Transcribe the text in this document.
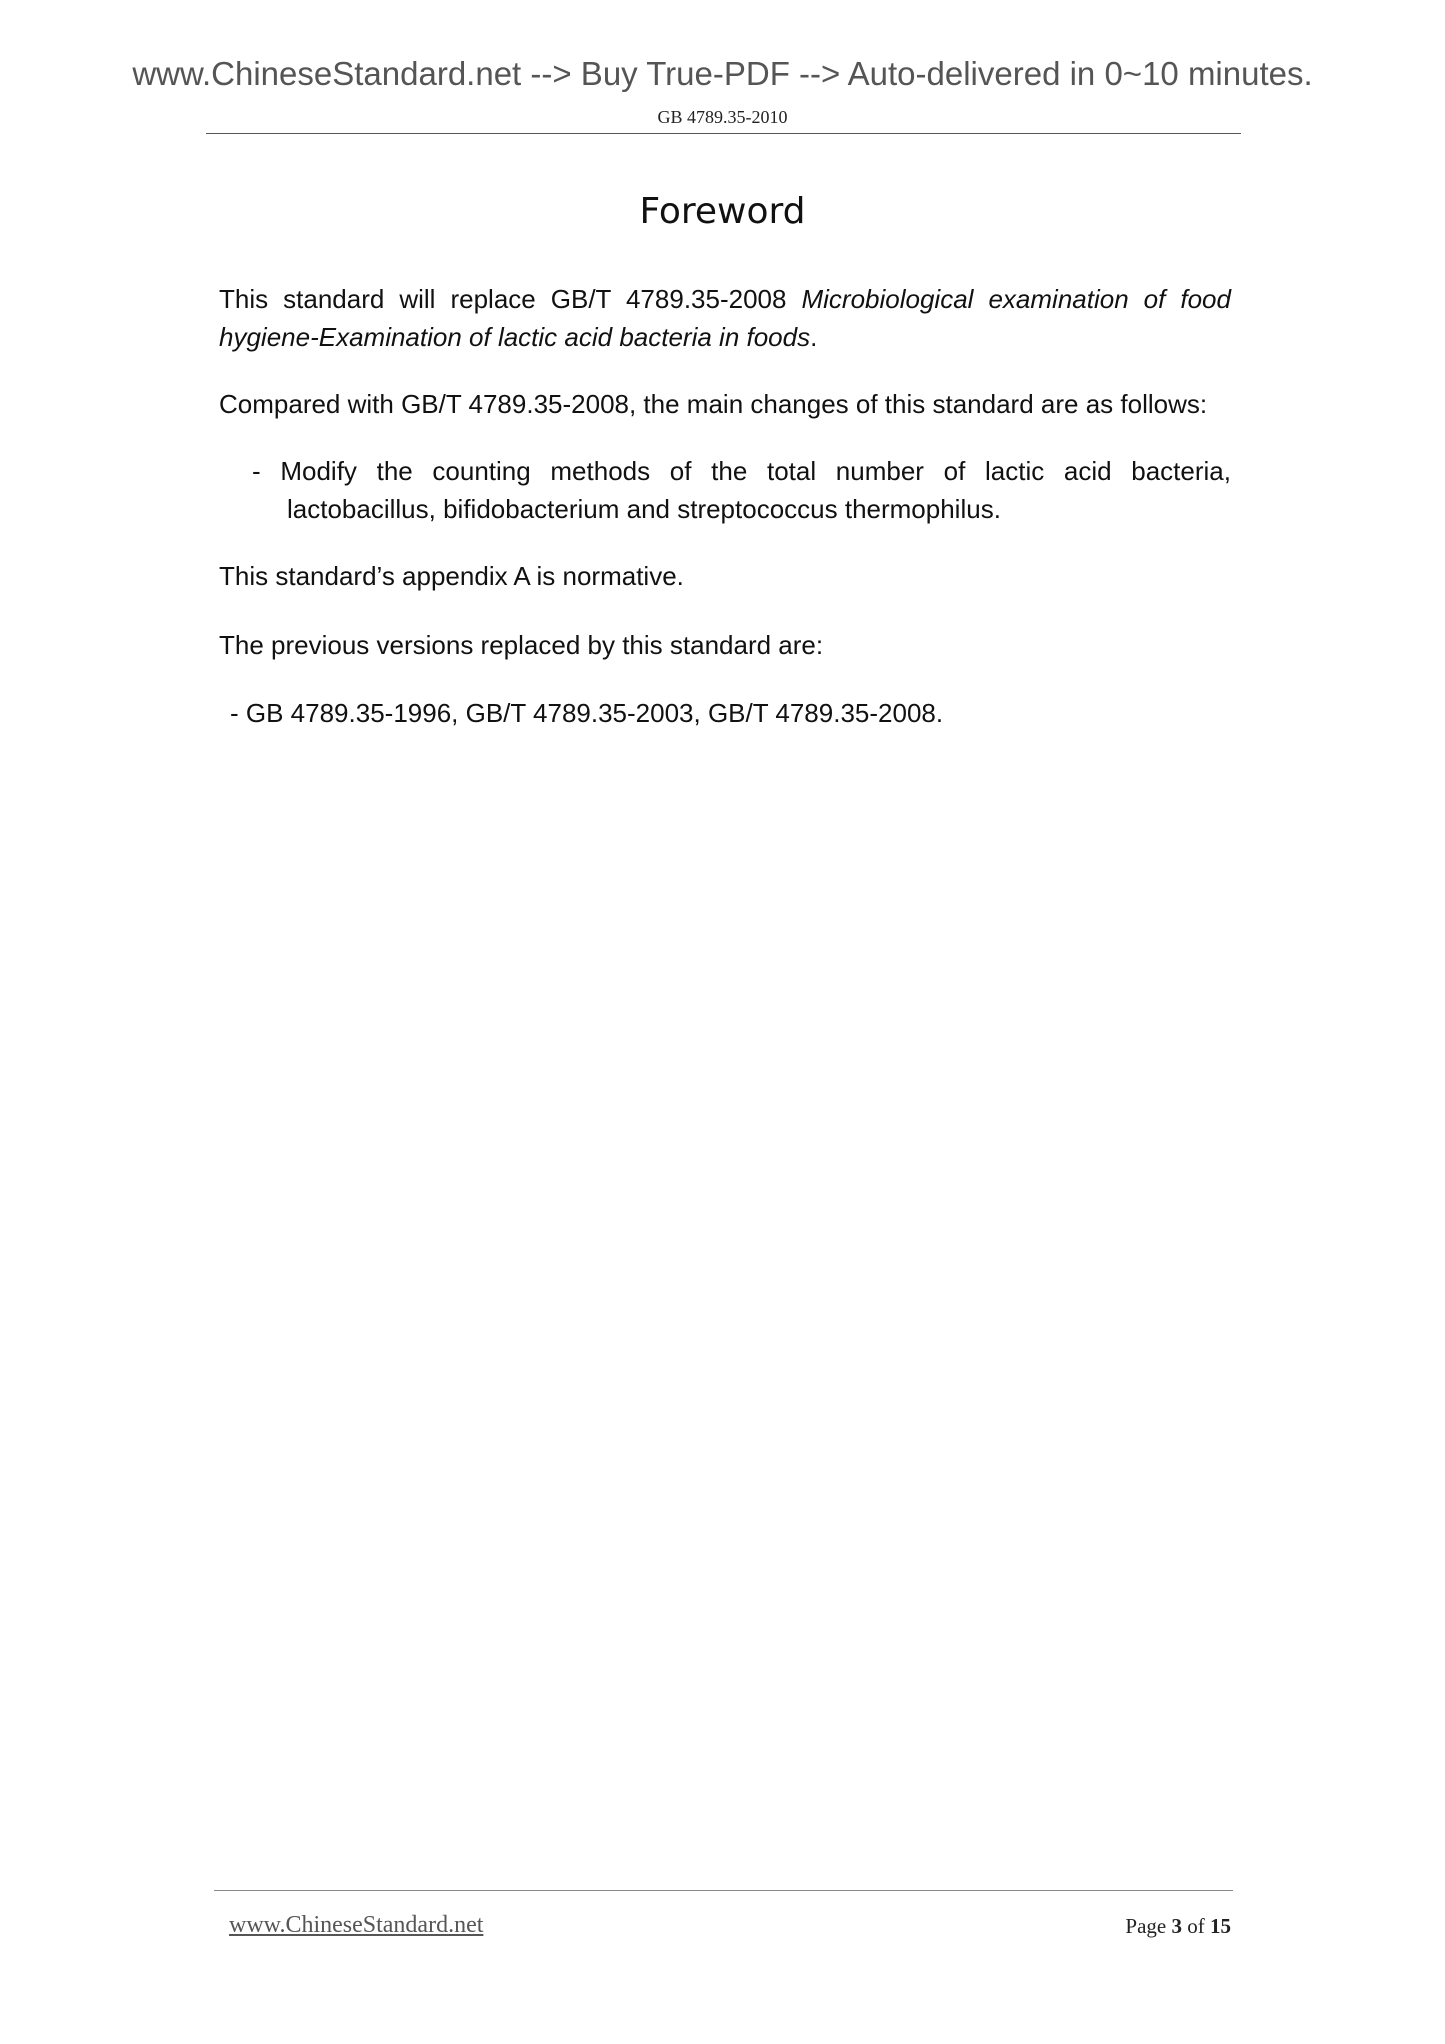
www.ChineseStandard.net --> Buy True-PDF --> Auto-delivered in 0~10 minutes.
GB 4789.35-2010
Foreword

This standard will replace GB/T 4789.35-2008 Microbiological examination of food hygiene-Examination of lactic acid bacteria in foods.

Compared with GB/T 4789.35-2008, the main changes of this standard are as follows:

- Modify the counting methods of the total number of lactic acid bacteria,
lactobacillus, bifidobacterium and streptococcus thermophilus.

This standard’s appendix A is normative.

The previous versions replaced by this standard are:

- GB 4789.35-1996, GB/T 4789.35-2003, GB/T 4789.35-2008.
www.ChineseStandard.net	Page 3 of 15
